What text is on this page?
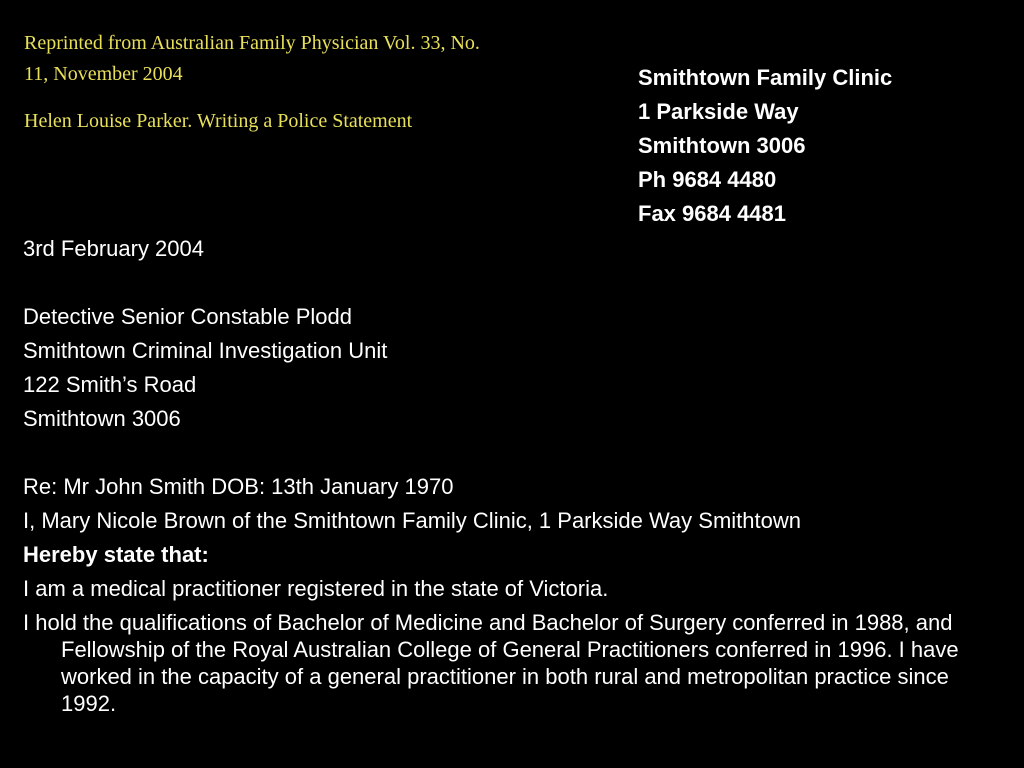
Reprinted from Australian Family Physician Vol. 33, No.
11, November 2004
Helen Louise Parker. Writing a Police Statement
Smithtown Family Clinic
1 Parkside Way
Smithtown 3006
Ph 9684 4480
Fax 9684 4481
3rd February 2004
Detective Senior Constable Plodd
Smithtown Criminal Investigation Unit
122 Smith’s Road
Smithtown 3006
Re: Mr John Smith DOB: 13th January 1970
I, Mary Nicole Brown of the Smithtown Family Clinic, 1 Parkside Way Smithtown
Hereby state that:
I am a medical practitioner registered in the state of Victoria.
I hold the qualifications of Bachelor of Medicine and Bachelor of Surgery conferred in 1988, and Fellowship of the Royal Australian College of General Practitioners conferred in 1996. I have worked in the capacity of a general practitioner in both rural and metropolitan practice since 1992.
